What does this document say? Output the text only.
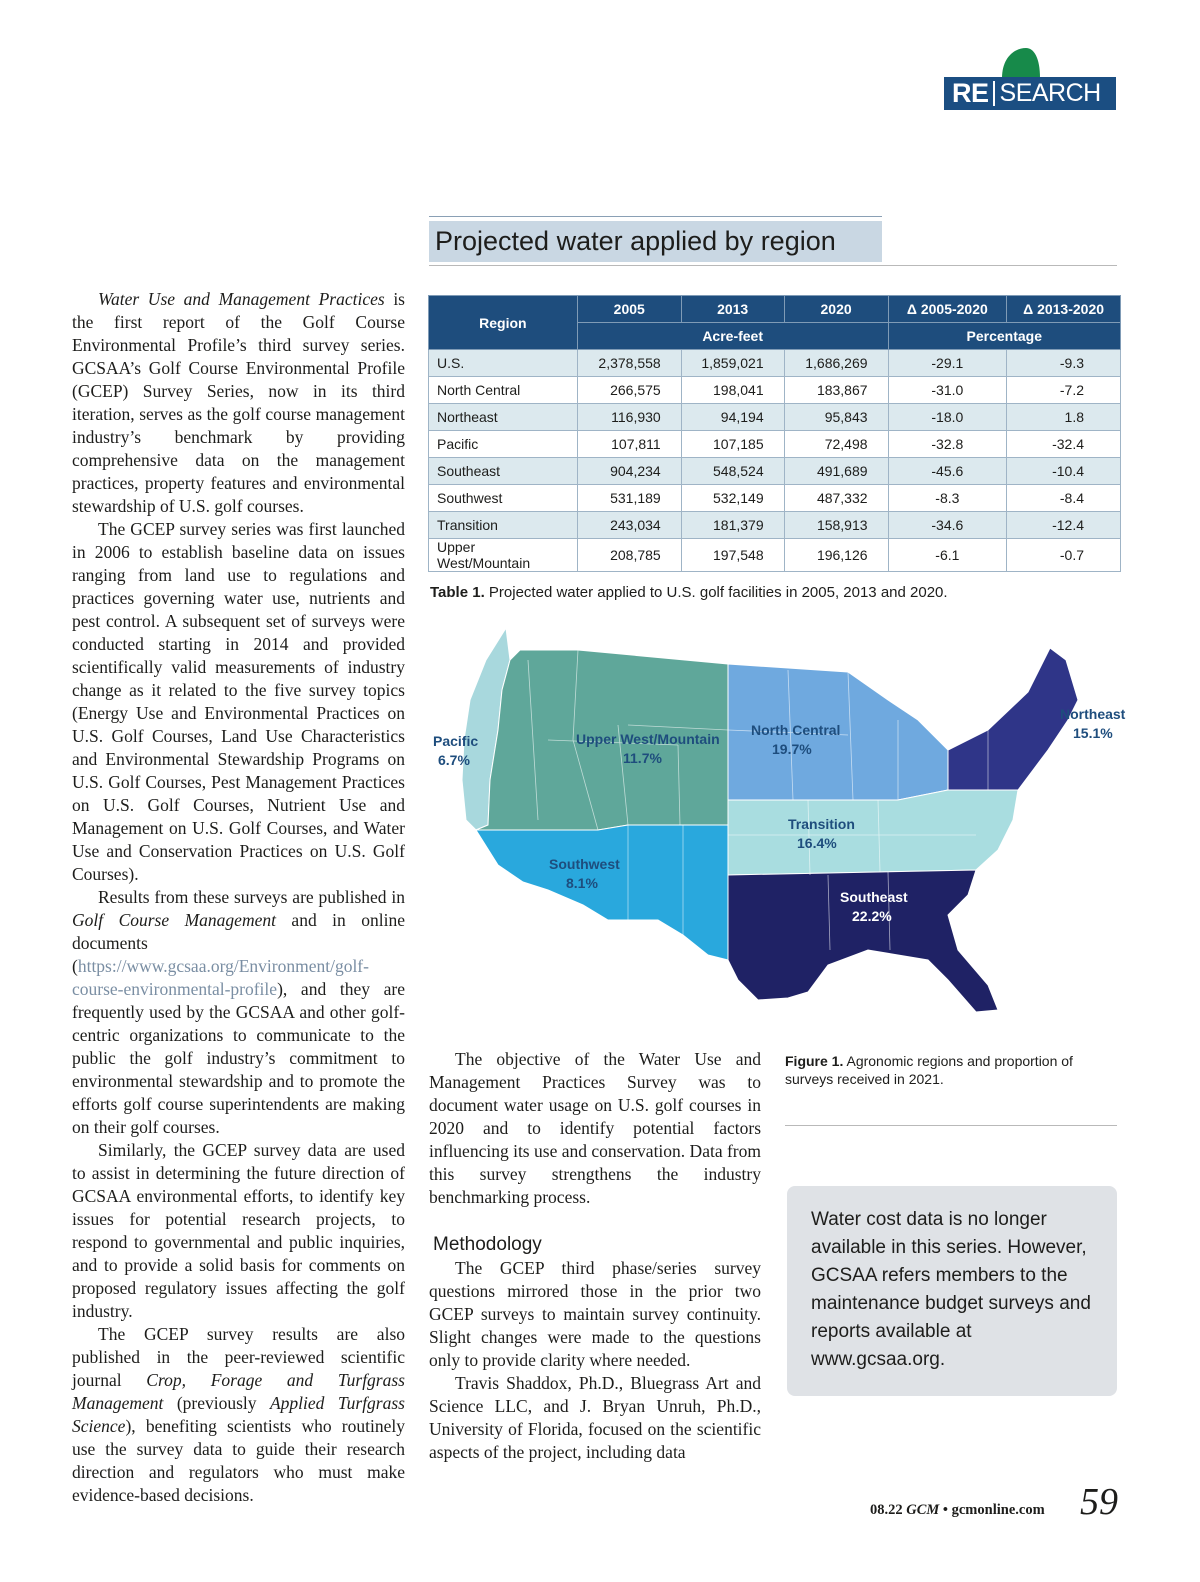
RE SEARCH
Projected water applied by region
Region	2005	2013	2020	Δ 2005-2020	Δ 2013-2020
	Acre-feet			Percentage	
U.S.	2,378,558	1,859,021	1,686,269	-29.1	-9.3
North Central	266,575	198,041	183,867	-31.0	-7.2
Northeast	116,930	94,194	95,843	-18.0	1.8
Pacific	107,811	107,185	72,498	-32.8	-32.4
Southeast	904,234	548,524	491,689	-45.6	-10.4
Southwest	531,189	532,149	487,332	-8.3	-8.4
Transition	243,034	181,379	158,913	-34.6	-12.4
Upper West/Mountain	208,785	197,548	196,126	-6.1	-0.7
Table 1. Projected water applied to U.S. golf facilities in 2005, 2013 and 2020.
Pacific
6.7%
Upper West/Mountain
11.7%
North Central
19.7%
Northeast
15.1%
Transition
16.4%
Southwest
8.1%
Southeast
22.2%

Water Use and Management Practices is the first report of the Golf Course Environmental Profile’s third survey series. GCSAA’s Golf Course Environmental Profile (GCEP) Survey Series, now in its third iteration, serves as the golf course management industry’s benchmark by providing comprehensive data on the management practices, property features and environmental stewardship of U.S. golf courses.

The GCEP survey series was first launched in 2006 to establish baseline data on issues ranging from land use to regulations and practices governing water use, nutrients and pest control. A subsequent set of surveys were conducted starting in 2014 and provided scientifically valid measurements of industry change as it related to the five survey topics (Energy Use and Environmental Practices on U.S. Golf Courses, Land Use Characteristics and Environmental Stewardship Programs on U.S. Golf Courses, Pest Management Practices on U.S. Golf Courses, Nutrient Use and Management on U.S. Golf Courses, and Water Use and Conservation Practices on U.S. Golf Courses).

Results from these surveys are published in Golf Course Management and in online documents (https://www.gcsaa.org/Environment/golf-course-environmental-profile), and they are frequently used by the GCSAA and other golf-centric organizations to communicate to the public the golf industry’s commitment to environmental stewardship and to promote the efforts golf course superintendents are making on their golf courses.

Similarly, the GCEP survey data are used to assist in determining the future direction of GCSAA environmental efforts, to identify key issues for potential research projects, to respond to governmental and public inquiries, and to provide a solid basis for comments on proposed regulatory issues affecting the golf industry.

The GCEP survey results are also published in the peer-reviewed scientific journal Crop, Forage and Turfgrass Management (previously Applied Turfgrass Science), benefiting scientists who routinely use the survey data to guide their research direction and regulators who must make evidence-based decisions.

The objective of the Water Use and Management Practices Survey was to document water usage on U.S. golf courses in 2020 and to identify potential factors influencing its use and conservation. Data from this survey strengthens the industry benchmarking process.

Methodology

The GCEP third phase/series survey questions mirrored those in the prior two GCEP surveys to maintain survey continuity. Slight changes were made to the questions only to provide clarity where needed.

Travis Shaddox, Ph.D., Bluegrass Art and Science LLC, and J. Bryan Unruh, Ph.D., University of Florida, focused on the scientific aspects of the project, including data

Figure 1. Agronomic regions and proportion of surveys received in 2021.
Water cost data is no longer available in this series. However, GCSAA refers members to the maintenance budget surveys and reports available at www.gcsaa.org.
08.22 GCM • gcmonline.com 59
